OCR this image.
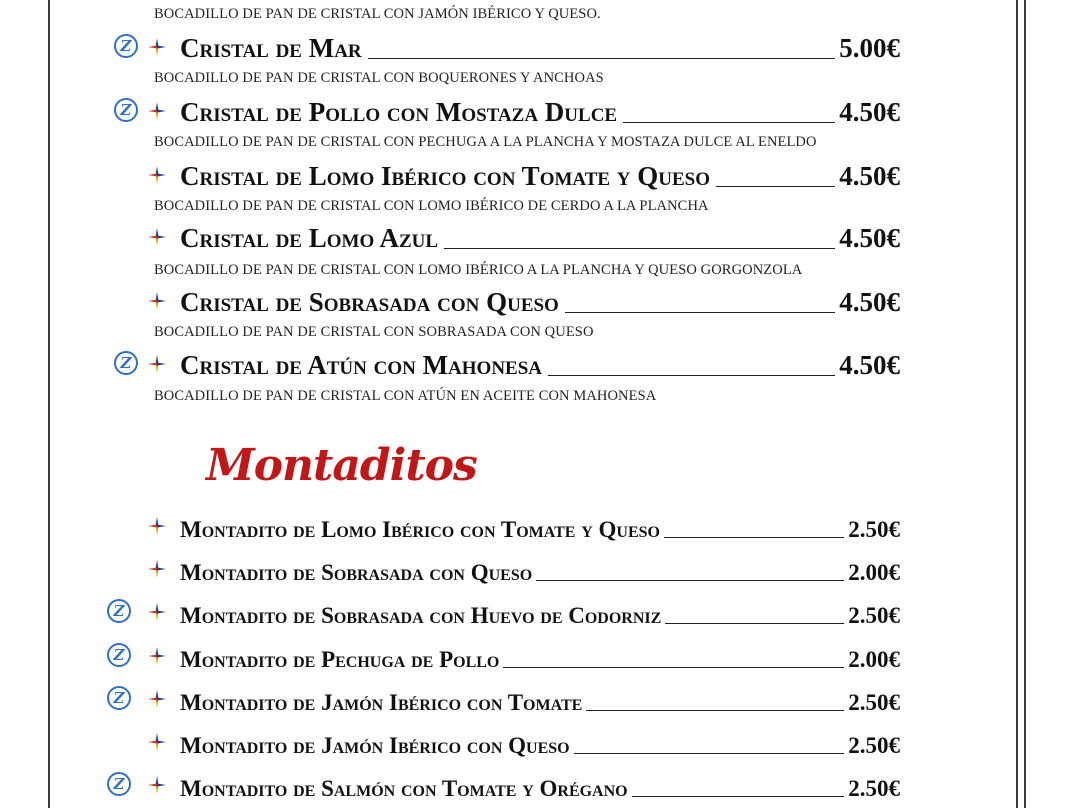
BOCADILLO DE PAN DE CRISTAL CON JAMÓN IBÉRICO Y QUESO.
Z Cristal de Mar	5.00€
BOCADILLO DE PAN DE CRISTAL CON BOQUERONES Y ANCHOAS
Z Cristal de Pollo con Mostaza Dulce	4.50€
BOCADILLO DE PAN DE CRISTAL CON PECHUGA A LA PLANCHA Y MOSTAZA DULCE AL ENELDO
Cristal de Lomo Ibérico con Tomate y Queso	4.50€
BOCADILLO DE PAN DE CRISTAL CON LOMO IBÉRICO DE CERDO A LA PLANCHA
Cristal de Lomo Azul	4.50€
BOCADILLO DE PAN DE CRISTAL CON LOMO IBÉRICO A LA PLANCHA Y QUESO GORGONZOLA
Cristal de Sobrasada con Queso	4.50€
BOCADILLO DE PAN DE CRISTAL CON SOBRASADA CON QUESO
Z Cristal de Atún con Mahonesa	4.50€
BOCADILLO DE PAN DE CRISTAL CON ATÚN EN ACEITE CON MAHONESA
Montadito de Lomo Ibérico con Tomate y Queso	2.50€
Montadito de Sobrasada con Queso	2.00€
Z Montadito de Sobrasada con Huevo de Codorniz	2.50€
Z Montadito de Pechuga de Pollo	2.00€
Z Montadito de Jamón Ibérico con Tomate	2.50€
Montadito de Jamón Ibérico con Queso	2.50€
Z Montadito de Salmón con Tomate y Orégano	2.50€
Montaditos
